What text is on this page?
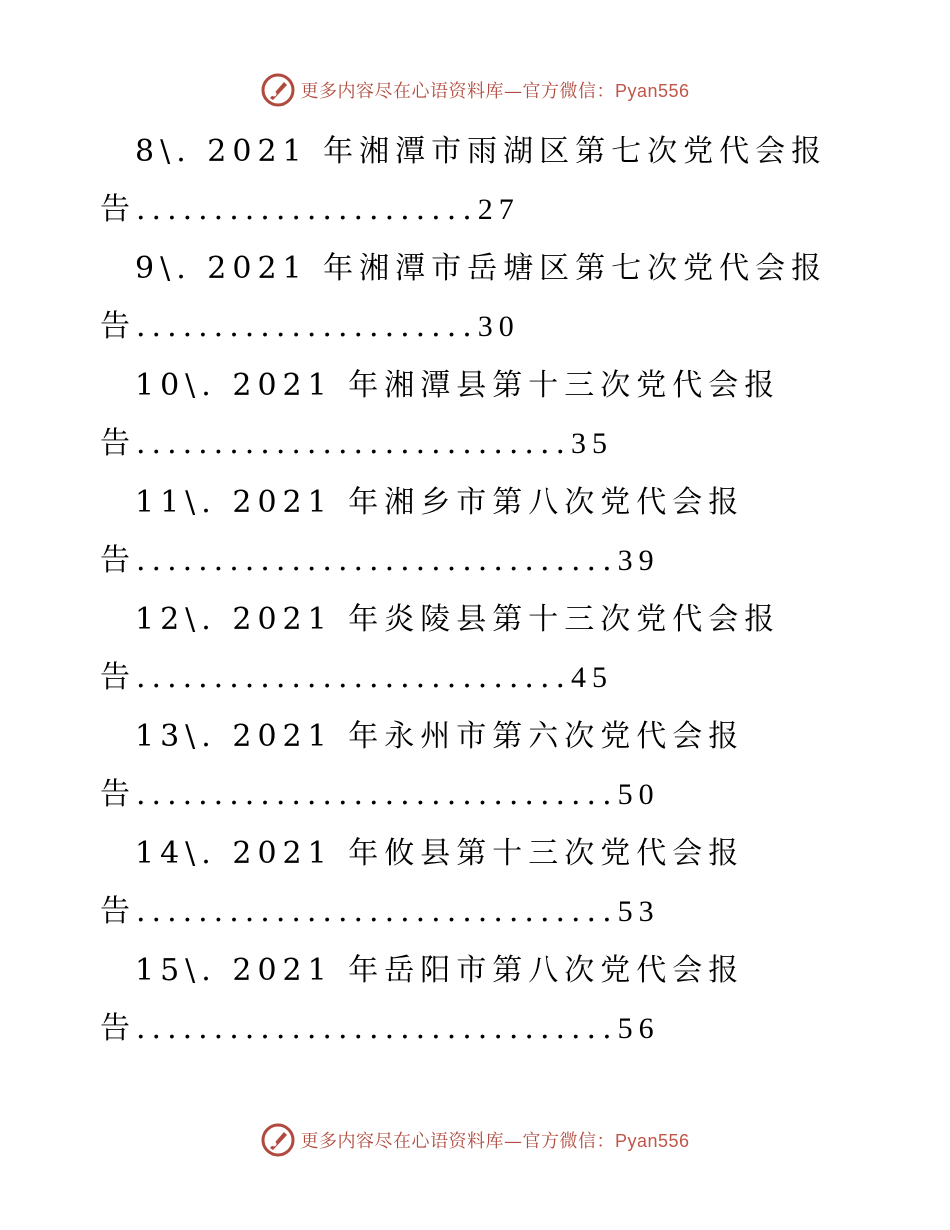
更多内容尽在心语资料库—官方微信：Pyan556
8\. 2021 年湘潭市雨湖区第七次党代会报
告......................27
9\. 2021 年湘潭市岳塘区第七次党代会报
告......................30
10\. 2021 年湘潭县第十三次党代会报
告............................35
11\. 2021 年湘乡市第八次党代会报
告...............................39
12\. 2021 年炎陵县第十三次党代会报
告............................45
13\. 2021 年永州市第六次党代会报
告...............................50
14\. 2021 年攸县第十三次党代会报
告...............................53
15\. 2021 年岳阳市第八次党代会报
告...............................56
更多内容尽在心语资料库—官方微信：Pyan556
